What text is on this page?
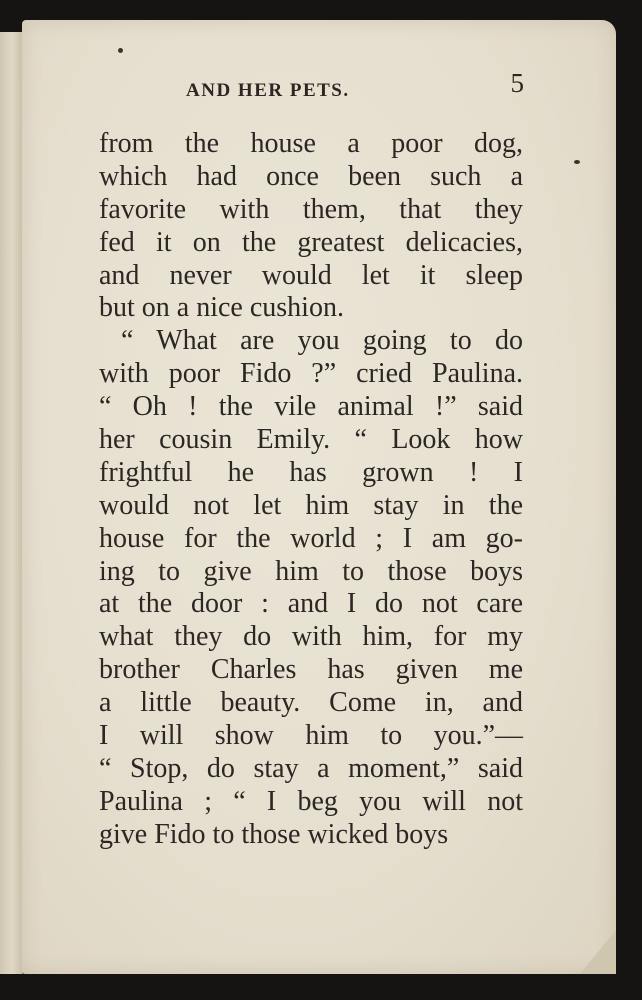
AND HER PETS.	5
from the house a poor dog,
which had once been such a
favorite with them, that they
fed it on the greatest delicacies,
and never would let it sleep
but on a nice cushion.
“ What are you going to do
with poor Fido ?” cried Paulina.
“ Oh ! the vile animal !” said
her cousin Emily. “ Look how
frightful he has grown ! I
would not let him stay in the
house for the world ; I am go-
ing to give him to those boys
at the door : and I do not care
what they do with him, for my
brother Charles has given me
a little beauty. Come in, and
I will show him to you.”—
“ Stop, do stay a moment,” said
Paulina ; “ I beg you will not
give Fido to those wicked boys
